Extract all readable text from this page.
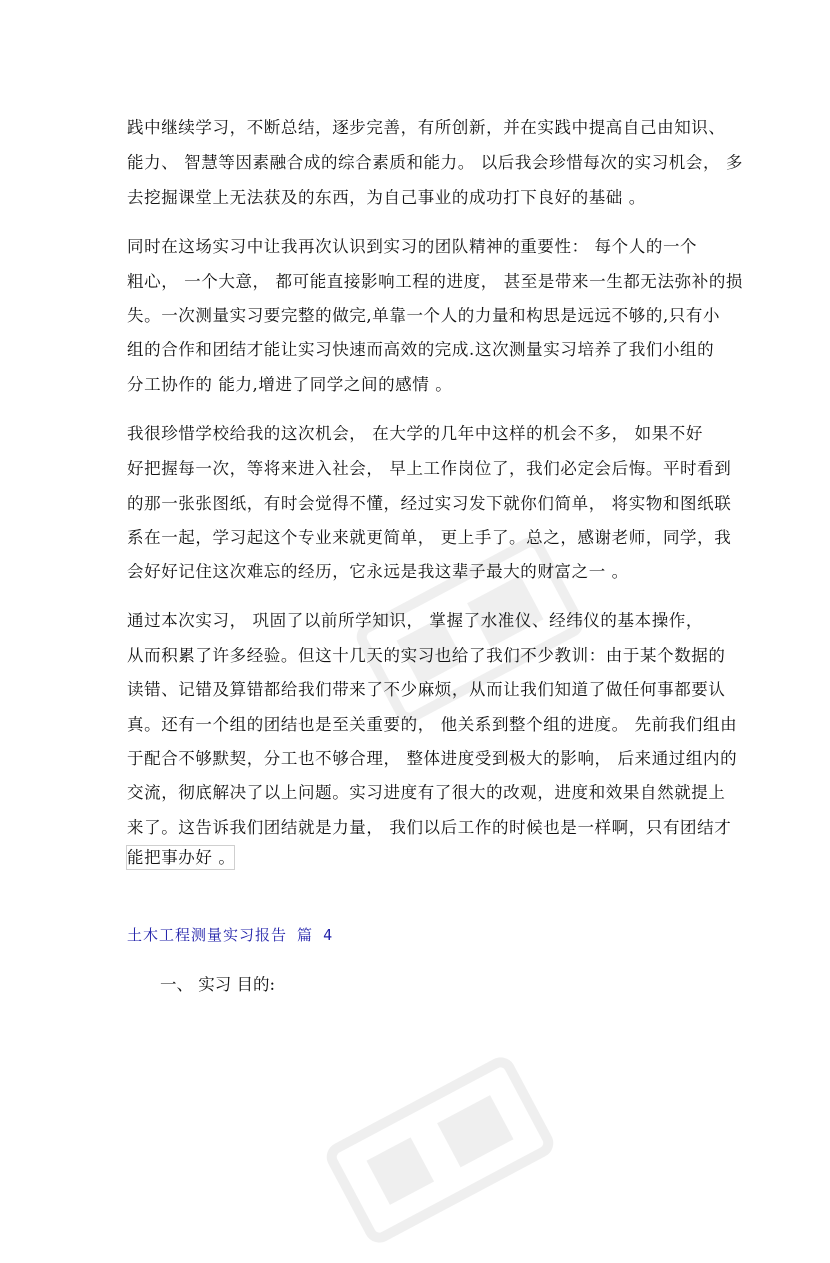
践中继续学习，不断总结，逐步完善，有所创新，并在实践中提高自己由知识、
能力、 智慧等因素融合成的综合素质和能力。 以后我会珍惜每次的实习机会， 多
去挖掘课堂上无法获及的东西，为自己事业的成功打下良好的基础 。
同时在这场实习中让我再次认识到实习的团队精神的重要性： 每个人的一个
粗心， 一个大意， 都可能直接影响工程的进度， 甚至是带来一生都无法弥补的损
失。一次测量实习要完整的做完,单靠一个人的力量和构思是远远不够的,只有小
组的合作和团结才能让实习快速而高效的完成.这次测量实习培养了我们小组的
分工协作的 能力,增进了同学之间的感情 。
我很珍惜学校给我的这次机会， 在大学的几年中这样的机会不多， 如果不好
好把握每一次，等将来进入社会， 早上工作岗位了，我们必定会后悔。平时看到
的那一张张图纸，有时会觉得不懂，经过实习发下就你们简单， 将实物和图纸联
系在一起，学习起这个专业来就更简单， 更上手了。总之，感谢老师，同学，我
会好好记住这次难忘的经历，它永远是我这辈子最大的财富之一 。
通过本次实习， 巩固了以前所学知识， 掌握了水准仪、经纬仪的基本操作，
从而积累了许多经验。但这十几天的实习也给了我们不少教训：由于某个数据的
读错、记错及算错都给我们带来了不少麻烦，从而让我们知道了做任何事都要认
真。还有一个组的团结也是至关重要的， 他关系到整个组的进度。 先前我们组由
于配合不够默契，分工也不够合理， 整体进度受到极大的影响， 后来通过组内的
交流，彻底解决了以上问题。实习进度有了很大的改观，进度和效果自然就提上
来了。这告诉我们团结就是力量， 我们以后工作的时候也是一样啊，只有团结才
能把事办好 。
土木工程测量实习报告 篇 4
一、 实习 目的:
